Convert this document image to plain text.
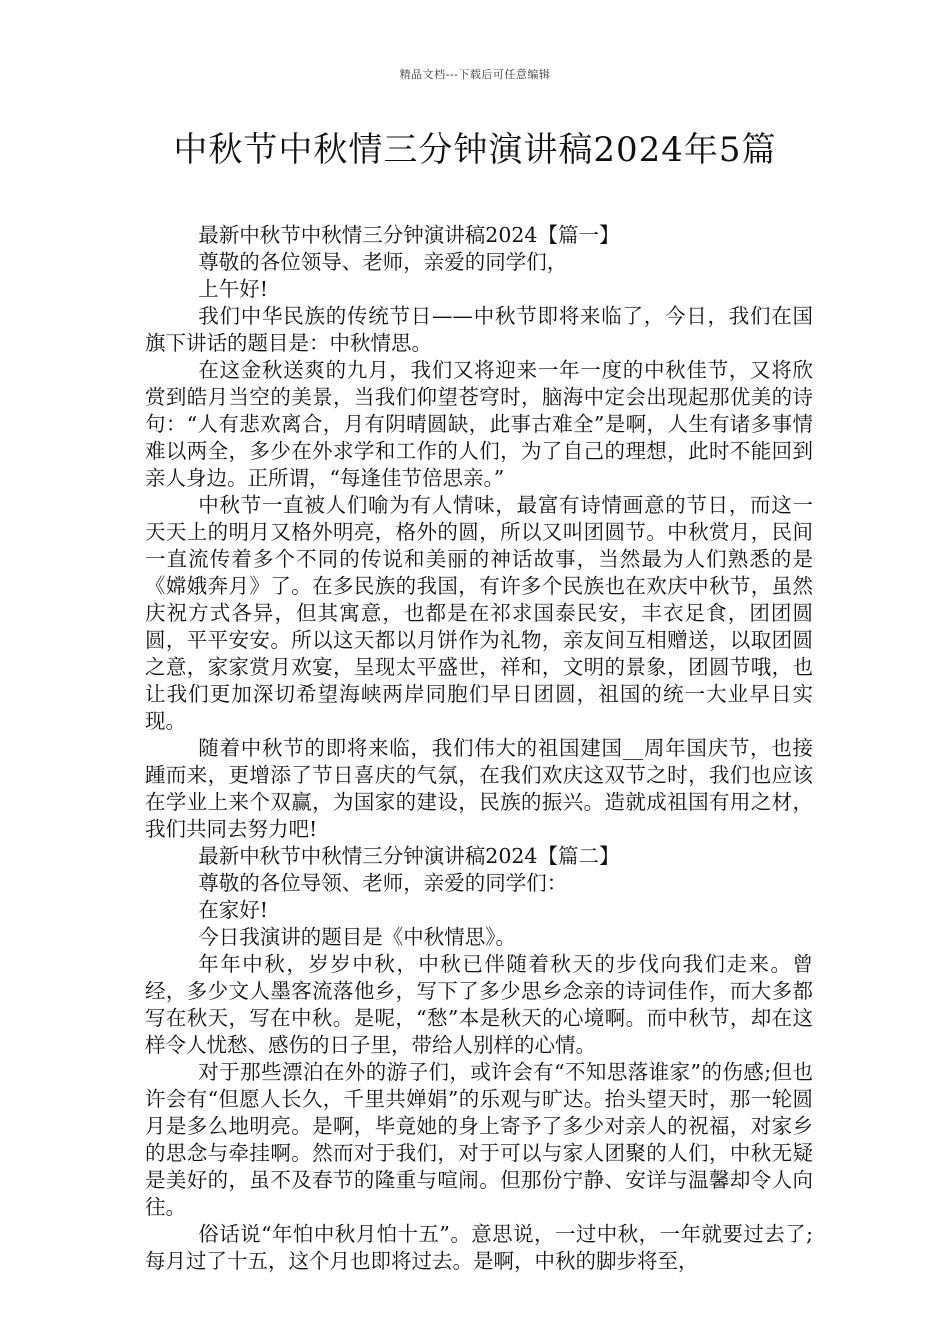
精品文档---下载后可任意编辑
中秋节中秋情三分钟演讲稿2024年5篇

最新中秋节中秋情三分钟演讲稿2024【篇一】

尊敬的各位领导、老师，亲爱的同学们，

上午好!

我们中华民族的传统节日——中秋节即将来临了，今日，我们在国旗下讲话的题目是：中秋情思。

在这金秋送爽的九月，我们又将迎来一年一度的中秋佳节，又将欣赏到皓月当空的美景，当我们仰望苍穹时，脑海中定会出现起那优美的诗句：“人有悲欢离合，月有阴晴圆缺，此事古难全”是啊，人生有诸多事情难以两全，多少在外求学和工作的人们，为了自己的理想，此时不能回到亲人身边。正所谓，“每逢佳节倍思亲。”

中秋节一直被人们喻为有人情味，最富有诗情画意的节日，而这一天天上的明月又格外明亮，格外的圆，所以又叫团圆节。中秋赏月，民间一直流传着多个不同的传说和美丽的神话故事，当然最为人们熟悉的是《嫦娥奔月》了。在多民族的我国，有许多个民族也在欢庆中秋节，虽然庆祝方式各异，但其寓意，也都是在祁求国泰民安，丰衣足食，团团圆圆，平平安安。所以这天都以月饼作为礼物，亲友间互相赠送，以取团圆之意，家家赏月欢宴，呈现太平盛世，祥和，文明的景象，团圆节哦，也让我们更加深切希望海峡两岸同胞们早日团圆，祖国的统一大业早日实现。

随着中秋节的即将来临，我们伟大的祖国建国__周年国庆节，也接踵而来，更增添了节日喜庆的气氛，在我们欢庆这双节之时，我们也应该在学业上来个双赢，为国家的建设，民族的振兴。造就成祖国有用之材，我们共同去努力吧!

最新中秋节中秋情三分钟演讲稿2024【篇二】

尊敬的各位导领、老师，亲爱的同学们：

在家好!

今日我演讲的题目是《中秋情思》。

年年中秋，岁岁中秋，中秋已伴随着秋天的步伐向我们走来。曾经，多少文人墨客流落他乡，写下了多少思乡念亲的诗词佳作，而大多都写在秋天，写在中秋。是呢，“愁”本是秋天的心境啊。而中秋节，却在这样令人忧愁、感伤的日子里，带给人别样的心情。

对于那些漂泊在外的游子们，或许会有“不知思落谁家”的伤感;但也许会有“但愿人长久，千里共婵娟”的乐观与旷达。抬头望天时，那一轮圆月是多么地明亮。是啊，毕竟她的身上寄予了多少对亲人的祝福，对家乡的思念与牵挂啊。然而对于我们，对于可以与家人团聚的人们，中秋无疑是美好的，虽不及春节的隆重与喧闹。但那份宁静、安详与温馨却令人向往。

俗话说“年怕中秋月怕十五”。意思说，一过中秋，一年就要过去了;每月过了十五，这个月也即将过去。是啊，中秋的脚步将至，
